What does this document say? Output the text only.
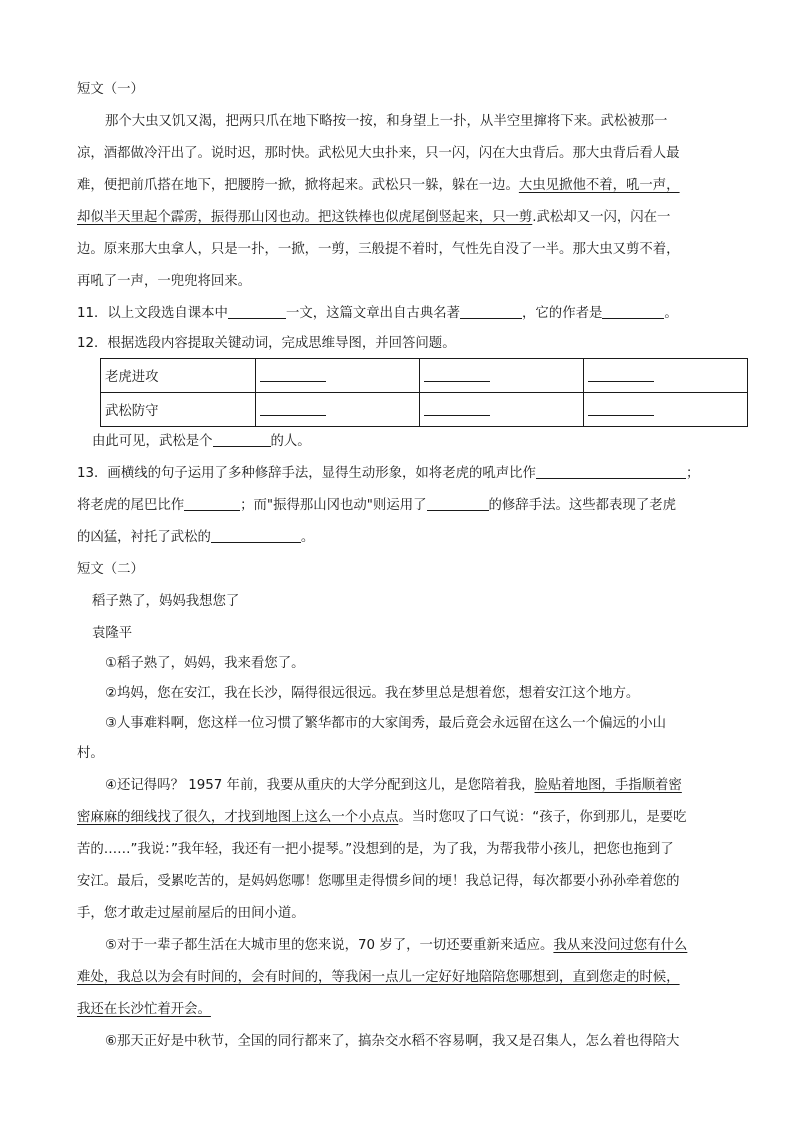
短文（一）
那个大虫又饥又渴，把两只爪在地下略按一按，和身望上一扑，从半空里撺将下来。武松被那一
凉，酒都做冷汗出了。说时迟，那时快。武松见大虫扑来，只一闪，闪在大虫背后。那大虫背后看人最
难，便把前爪搭在地下，把腰胯一掀，掀将起来。武松只一躲，躲在一边。大虫见掀他不着，吼一声，
却似半天里起个霹雳，振得那山冈也动。把这铁棒也似虎尾倒竖起来，只一剪.武松却又一闪，闪在一
边。原来那大虫拿人，只是一扑，一掀，一剪，三般提不着时，气性先自没了一半。那大虫又剪不着，
再吼了一声，一兜兜将回来。
11．以上文段选自课本中	一文，这篇文章出自古典名著	，它的作者是	。
12．根据选段内容提取关键动词，完成思维导图，并回答问题。
老虎进攻			
武松防守			
由此可见，武松是个	的人。
13．画横线的句子运用了多种修辞手法，显得生动形象，如将老虎的吼声比作	；
将老虎的尾巴比作	；而"振得那山冈也动"则运用了	的修辞手法。这些都表现了老虎
的凶猛，衬托了武松的	。
短文（二）
稻子熟了，妈妈我想您了
袁隆平
①稻子熟了，妈妈，我来看您了。
②坞妈，您在安江，我在长沙，隔得很远很远。我在梦里总是想着您，想着安江这个地方。
③人事难料啊，您这样一位习惯了繁华都市的大家闺秀，最后竟会永远留在这么一个偏远的小山
村。
④还记得吗？ 1957 年前，我要从重庆的大学分配到这儿，是您陪着我，脸贴着地图，手指顺着密
密麻麻的细线找了很久，才找到地图上这么一个小点点。当时您叹了口气说：“孩子，你到那儿，是要吃
苦的……”我说：”我年轻，我还有一把小提琴。”没想到的是，为了我，为帮我带小孩儿，把您也拖到了
安江。最后，受累吃苦的，是妈妈您哪！您哪里走得惯乡间的埂！我总记得，每次都要小孙孙牵着您的
手，您才敢走过屋前屋后的田间小道。
⑤对于一辈子都生活在大城市里的您来说，70 岁了，一切还要重新来适应。我从来没问过您有什么
难处，我总以为会有时间的，会有时间的，等我闲一点儿一定好好地陪陪您哪想到，直到您走的时候，
我还在长沙忙着开会。
⑥那天正好是中秋节，全国的同行都来了，搞杂交水稻不容易啊，我又是召集人，怎么着也得陪大
